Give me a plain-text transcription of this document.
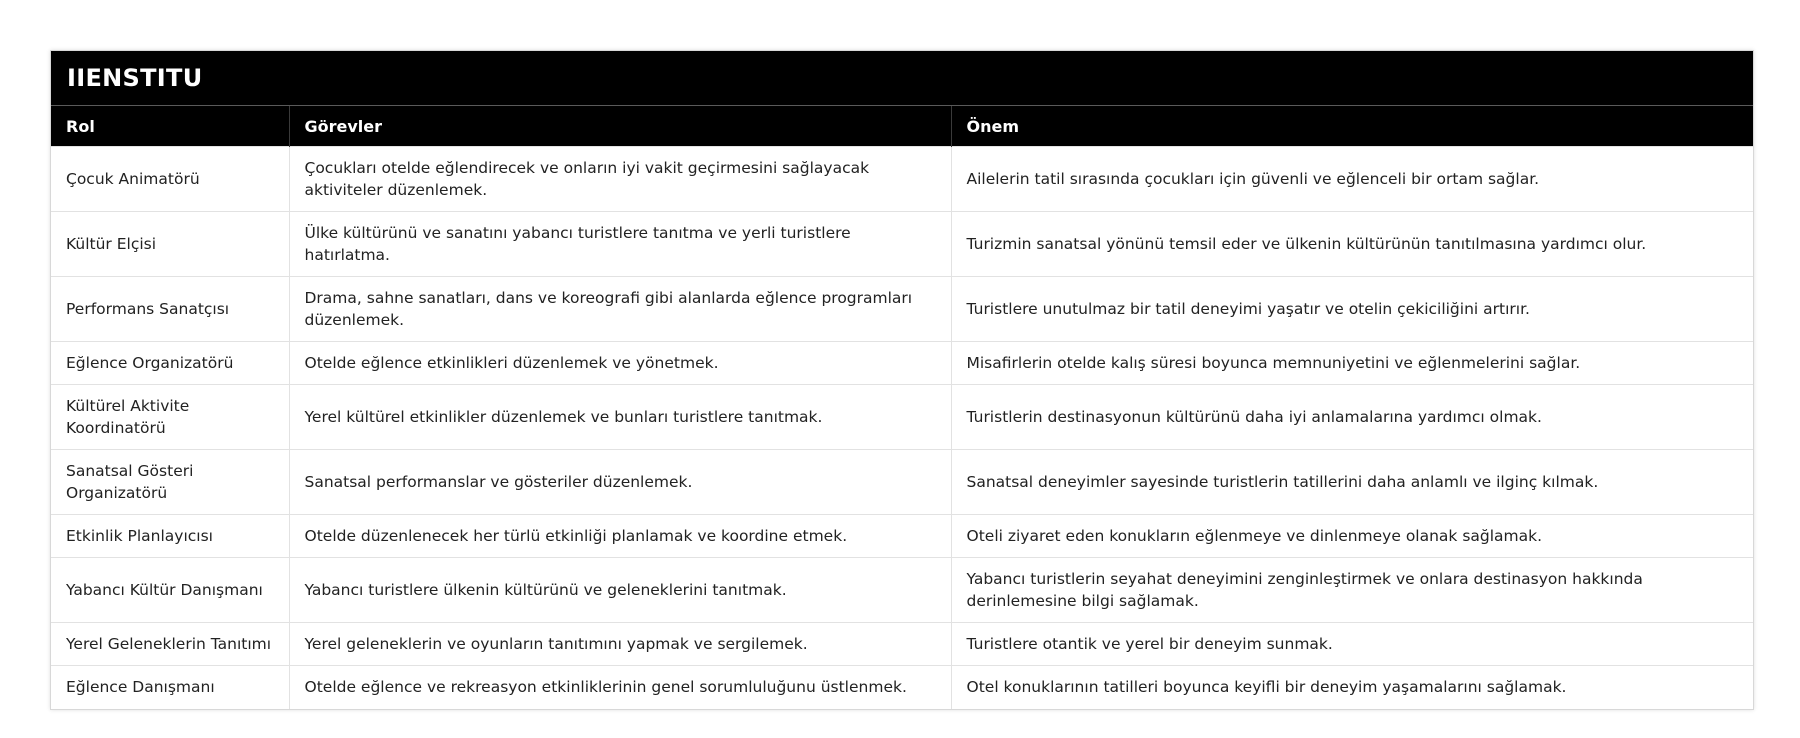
IIENSTITU
Rol	Görevler	Önem
Çocuk Animatörü	Çocukları otelde eğlendirecek ve onların iyi vakit geçirmesini sağlayacak aktiviteler düzenlemek.	Ailelerin tatil sırasında çocukları için güvenli ve eğlenceli bir ortam sağlar.
Kültür Elçisi	Ülke kültürünü ve sanatını yabancı turistlere tanıtma ve yerli turistlere hatırlatma.	Turizmin sanatsal yönünü temsil eder ve ülkenin kültürünün tanıtılmasına yardımcı olur.
Performans Sanatçısı	Drama, sahne sanatları, dans ve koreografi gibi alanlarda eğlence programları düzenlemek.	Turistlere unutulmaz bir tatil deneyimi yaşatır ve otelin çekiciliğini artırır.
Eğlence Organizatörü	Otelde eğlence etkinlikleri düzenlemek ve yönetmek.	Misafirlerin otelde kalış süresi boyunca memnuniyetini ve eğlenmelerini sağlar.
Kültürel Aktivite Koordinatörü	Yerel kültürel etkinlikler düzenlemek ve bunları turistlere tanıtmak.	Turistlerin destinasyonun kültürünü daha iyi anlamalarına yardımcı olmak.
Sanatsal Gösteri Organizatörü	Sanatsal performanslar ve gösteriler düzenlemek.	Sanatsal deneyimler sayesinde turistlerin tatillerini daha anlamlı ve ilginç kılmak.
Etkinlik Planlayıcısı	Otelde düzenlenecek her türlü etkinliği planlamak ve koordine etmek.	Oteli ziyaret eden konukların eğlenmeye ve dinlenmeye olanak sağlamak.
Yabancı Kültür Danışmanı	Yabancı turistlere ülkenin kültürünü ve geleneklerini tanıtmak.	Yabancı turistlerin seyahat deneyimini zenginleştirmek ve onlara destinasyon hakkında derinlemesine bilgi sağlamak.
Yerel Geleneklerin Tanıtımı	Yerel geleneklerin ve oyunların tanıtımını yapmak ve sergilemek.	Turistlere otantik ve yerel bir deneyim sunmak.
Eğlence Danışmanı	Otelde eğlence ve rekreasyon etkinliklerinin genel sorumluluğunu üstlenmek.	Otel konuklarının tatilleri boyunca keyifli bir deneyim yaşamalarını sağlamak.
